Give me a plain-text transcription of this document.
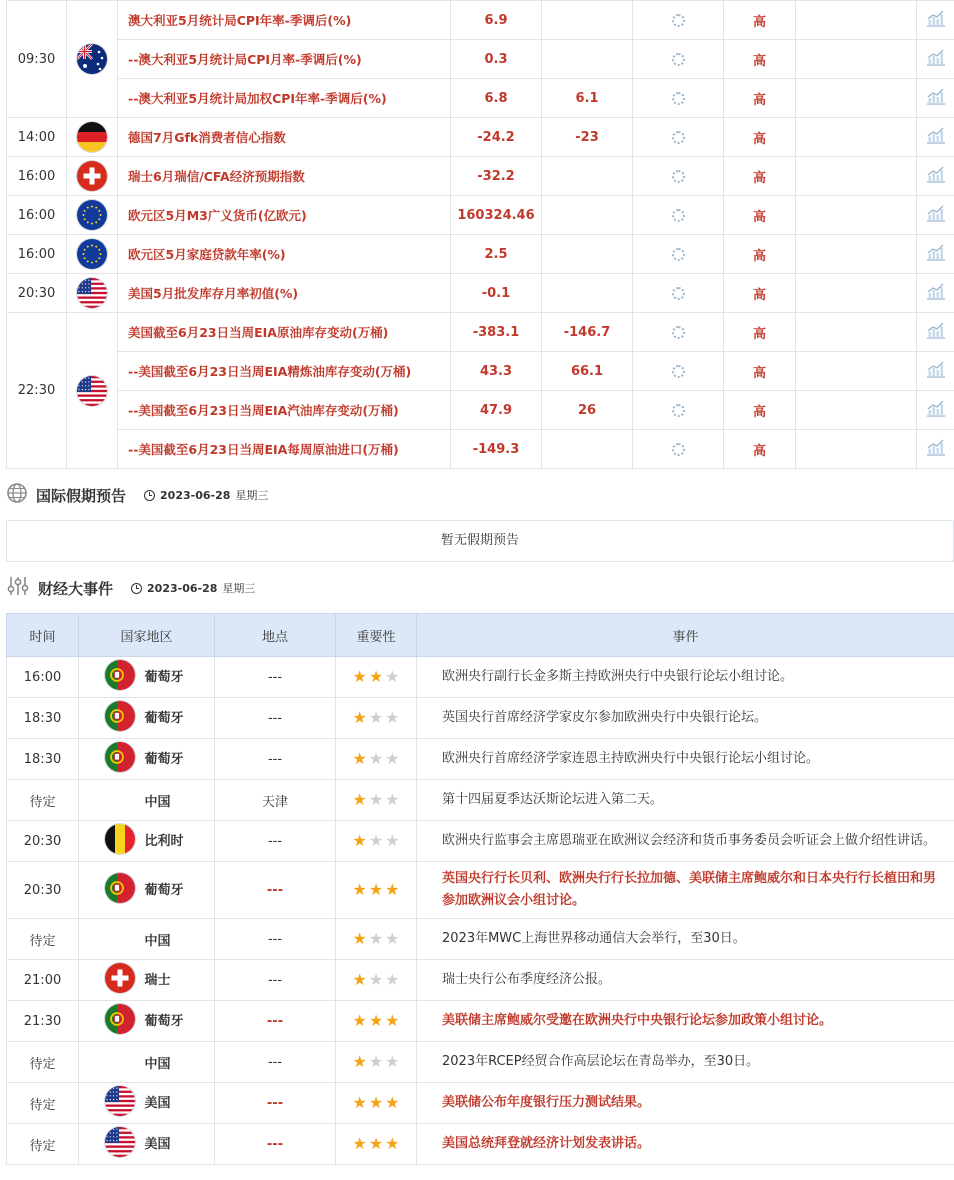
09:30		澳大利亚5月统计局CPI年率-季调后(%)	6.9			高		
		--澳大利亚5月统计局CPI月率-季调后(%)	0.3			高		
		--澳大利亚5月统计局加权CPI年率-季调后(%)	6.8	6.1		高		
14:00		德国7月Gfk消费者信心指数	-24.2	-23		高		
16:00		瑞士6月瑞信/CFA经济预期指数	-32.2			高		
16:00		欧元区5月M3广义货币(亿欧元)	160324.46			高		
16:00		欧元区5月家庭贷款年率(%)	2.5			高		
20:30		美国5月批发库存月率初值(%)	-0.1			高		
22:30		美国截至6月23日当周EIA原油库存变动(万桶)	-383.1	-146.7		高		
		--美国截至6月23日当周EIA精炼油库存变动(万桶)	43.3	66.1		高		
		--美国截至6月23日当周EIA汽油库存变动(万桶)	47.9	26		高		
		--美国截至6月23日当周EIA每周原油进口(万桶)	-149.3			高		
国际假期预告	2023-06-28 星期三
暂无假期预告
财经大事件	2023-06-28 星期三
时间	国家地区	地点	重要性	事件
16:00	葡萄牙	---	★ ★ ★	欧洲央行副行长金多斯主持欧洲央行中央银行论坛小组讨论。
18:30	葡萄牙	---	★ ★ ★	英国央行首席经济学家皮尔参加欧洲央行中央银行论坛。
18:30	葡萄牙	---	★ ★ ★	欧洲央行首席经济学家连恩主持欧洲央行中央银行论坛小组讨论。
待定	中国	天津	★ ★ ★	第十四届夏季达沃斯论坛进入第二天。
20:30	比利时	---	★ ★ ★	欧洲央行监事会主席恩瑞亚在欧洲议会经济和货币事务委员会听证会上做介绍性讲话。
20:30	葡萄牙	---	★ ★ ★	英国央行行长贝利、欧洲央行行长拉加德、美联储主席鲍威尔和日本央行行长植田和男参加欧洲议会小组讨论。
待定	中国	---	★ ★ ★	2023年MWC上海世界移动通信大会举行，至30日。
21:00	瑞士	---	★ ★ ★	瑞士央行公布季度经济公报。
21:30	葡萄牙	---	★ ★ ★	美联储主席鲍威尔受邀在欧洲央行中央银行论坛参加政策小组讨论。
待定	中国	---	★ ★ ★	2023年RCEP经贸合作高层论坛在青岛举办，至30日。
待定	美国	---	★ ★ ★	美联储公布年度银行压力测试结果。
待定	美国	---	★ ★ ★	美国总统拜登就经济计划发表讲话。
